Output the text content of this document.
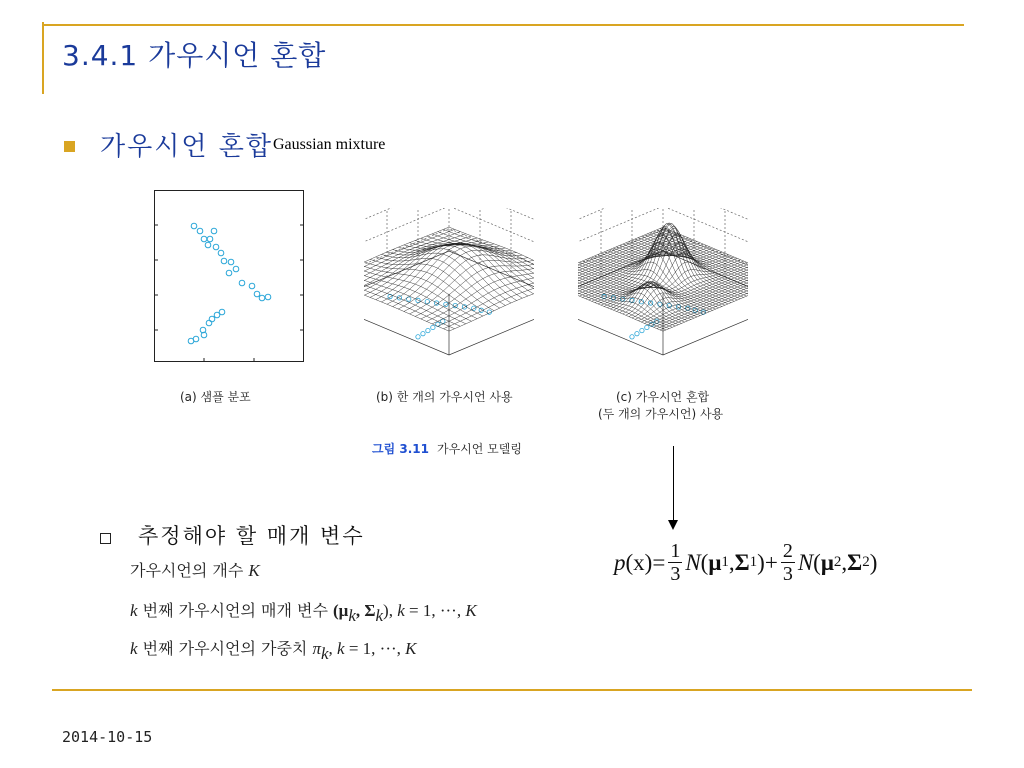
3.4.1 가우시언 혼합
가우시언 혼합$^{Gaussian mixture}$
(a) 샘플 분포	(b) 한 개의 가우시언 사용	(c) 가우시언 혼합
(두 개의 가우시언) 사용
그림 3.11 가우시언 모델링
추정해야 할 매개 변수
가우시언의 개수 K
k 번째 가우시언의 매개 변수 (μk, Σk), k = 1, ···, K
k 번째 가우시언의 가중치 πk, k = 1, ···, K
p $(x) = \frac{1}{3}$ N ( μ 1 , Σ 1 ) + $\frac{2}{3}$ N ( μ 2 , Σ 2 )
2014-10-15
